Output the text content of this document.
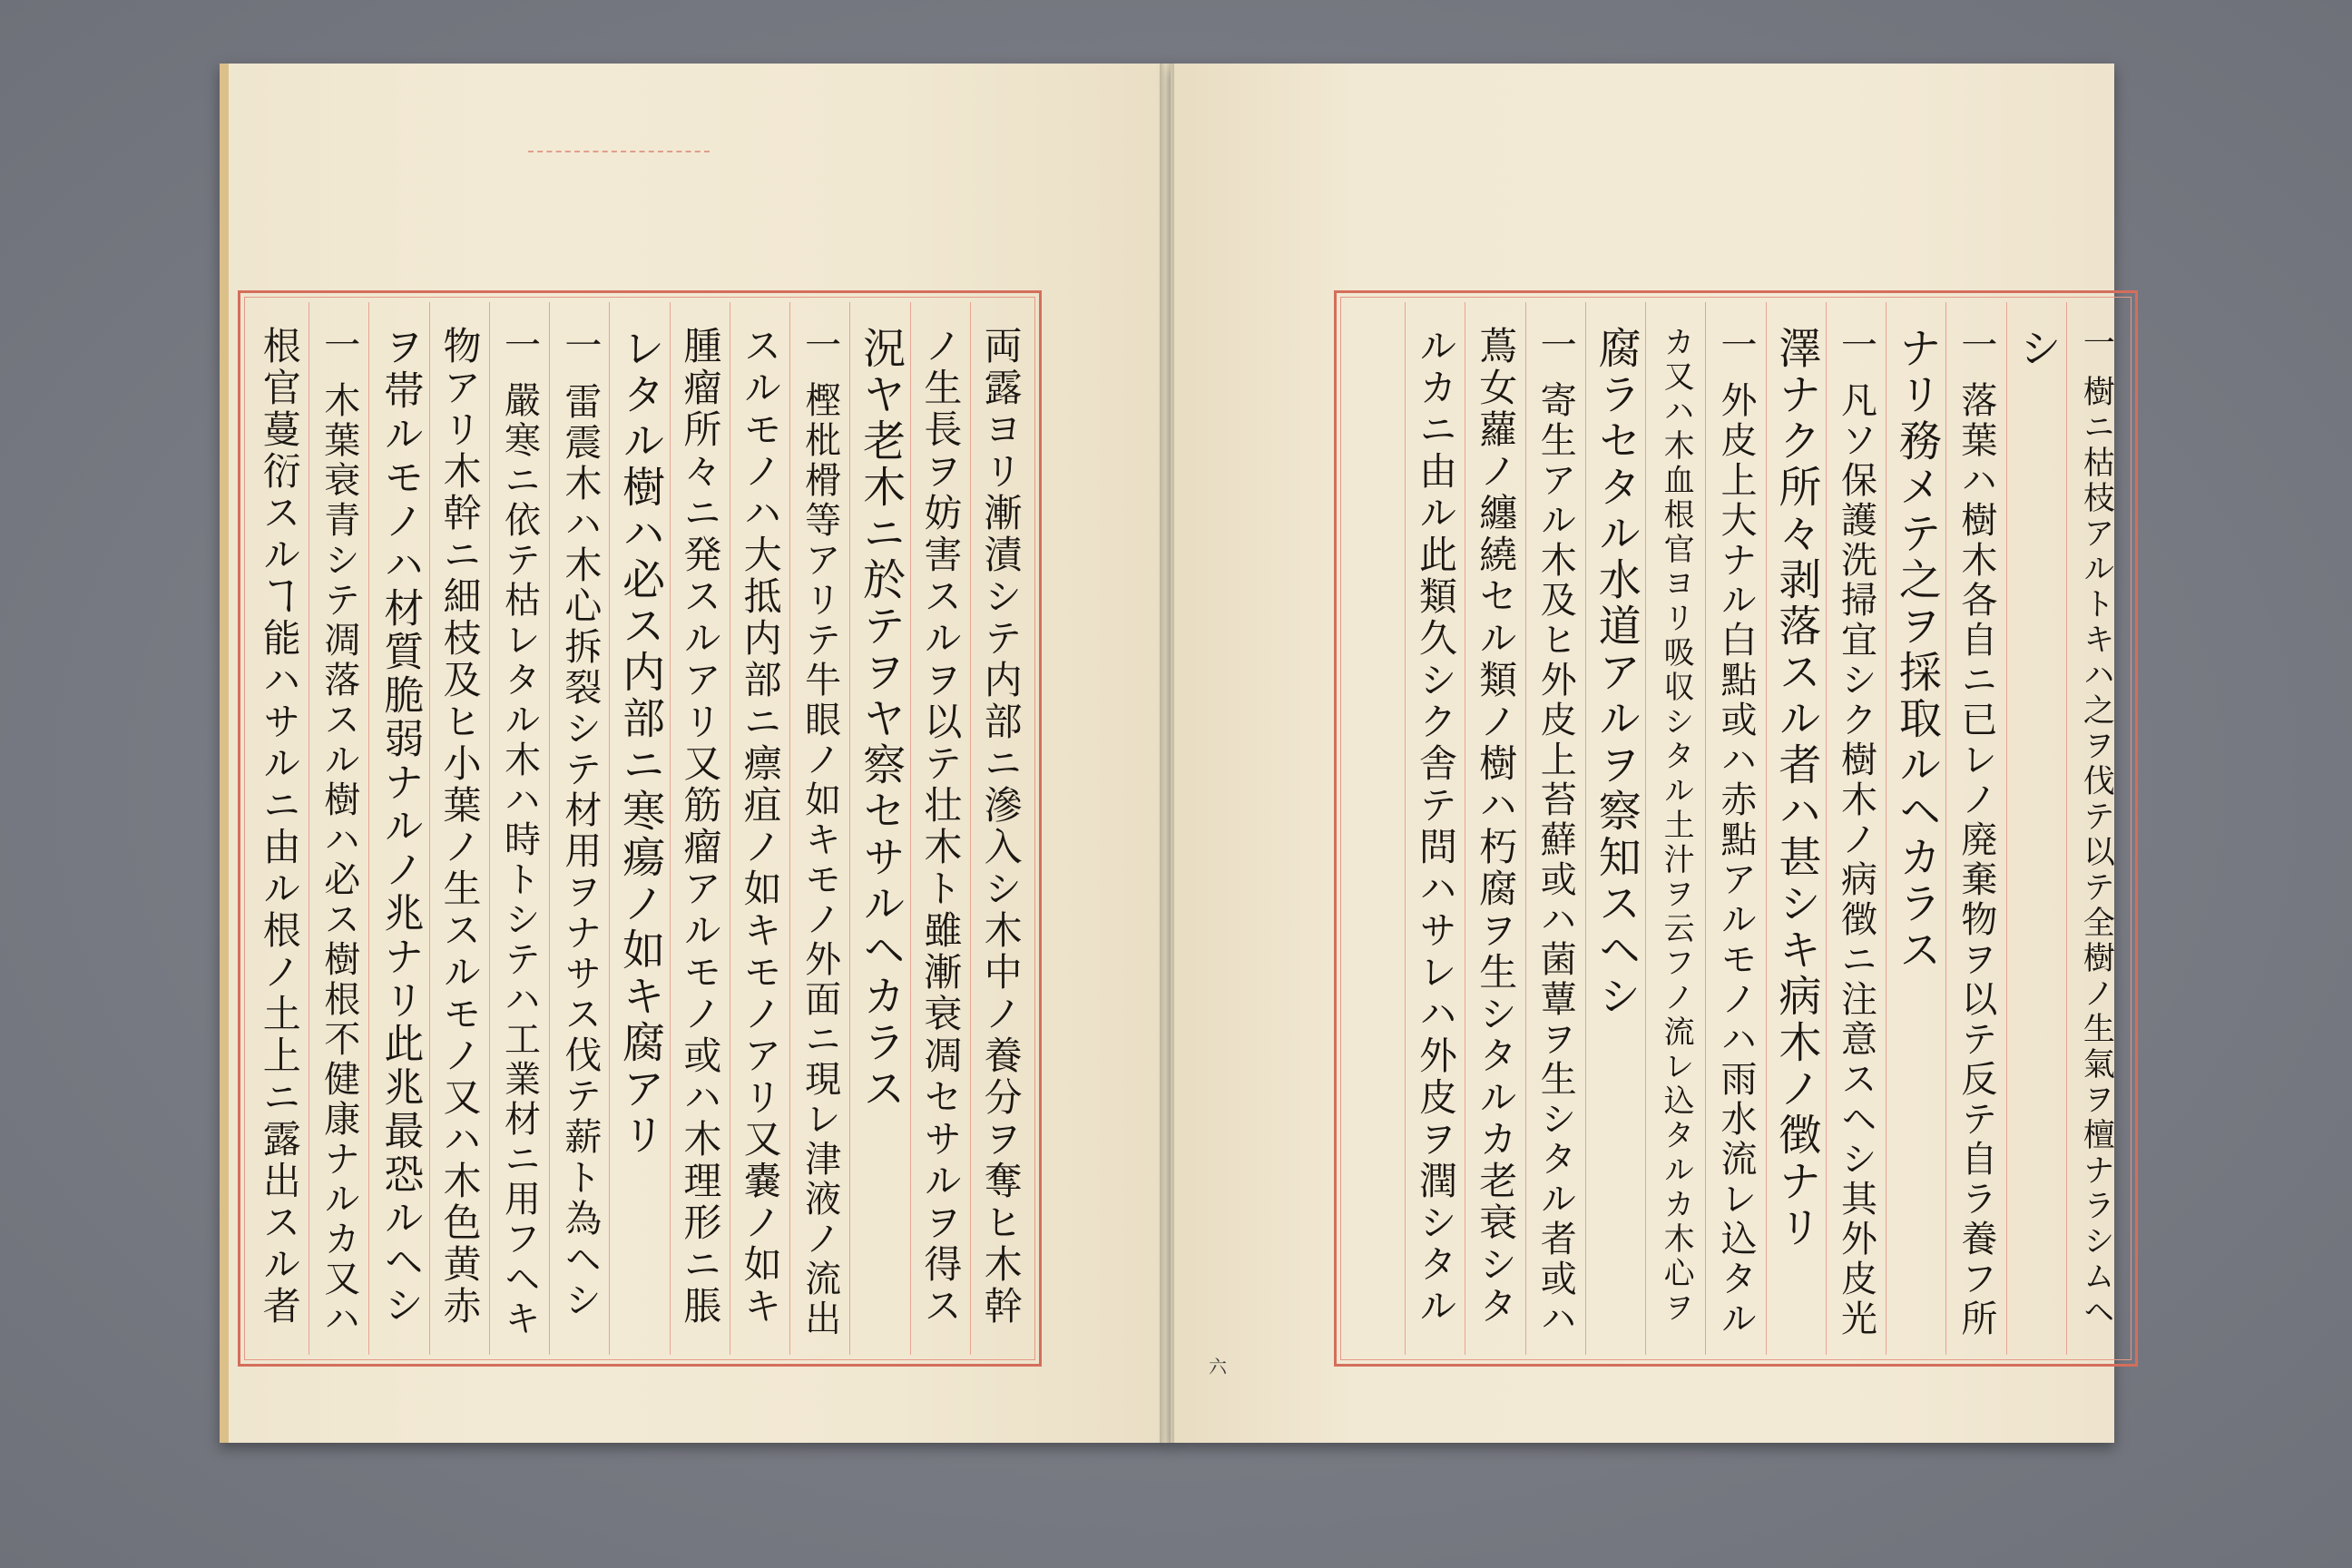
両露ヨリ漸漬シテ内部ニ滲入シ木中ノ養分ヲ奪ヒ木幹
ノ生長ヲ妨害スルヲ以テ壮木ト雖漸衰凋セサルヲ得ス
況ヤ老木ニ於テヲヤ察セサルヘカラス
一 樫枇榾等アリテ牛眼ノ如キモノ外面ニ現レ津液ノ流出
スルモノハ大抵内部ニ瘭疽ノ如キモノアリ又嚢ノ如キ
腫瘤所々ニ発スルアリ又筋瘤アルモノ或ハ木理形ニ脹
レタル樹ハ必ス内部ニ寒瘍ノ如キ腐アリ
一 雷震木ハ木心拆裂シテ材用ヲナサス伐テ薪ト為ヘシ
一 嚴寒ニ依テ枯レタル木ハ時トシテハ工業材ニ用フヘキ
物アリ木幹ニ細枝及ヒ小葉ノ生スルモノ又ハ木色黄赤
ヲ帯ルモノハ材質脆弱ナルノ兆ナリ此兆最恐ルヘシ
一 木葉衰青シテ凋落スル樹ハ必ス樹根不健康ナルカ又ハ
根官蔓衍スルヿ能ハサルニ由ル根ノ土上ニ露出スル者	一 樹ニ枯枝アルトキハ之ヲ伐テ以テ全樹ノ生氣ヲ檀ナラシムヘ
シ
一 落葉ハ樹木各自ニ已レノ廃棄物ヲ以テ反テ自ラ養フ所
ナリ務メテ之ヲ採取ルヘカラス
一 凡ソ保護洗掃宜シク樹木ノ病徴ニ注意スヘシ其外皮光
澤ナク所々剥落スル者ハ甚シキ病木ノ徴ナリ
一 外皮上大ナル白點或ハ赤點アルモノハ雨水流レ込タル
カ又ハ木血根官ヨリ吸収シタル土汁ヲ云フノ流レ込タルカ木心ヲ
腐ラセタル水道アルヲ察知スヘシ
一 寄生アル木及ヒ外皮上苔蘚或ハ菌蕈ヲ生シタル者或ハ
蔦女蘿ノ纏繞セル類ノ樹ハ朽腐ヲ生シタルカ老衰シタ
ルカニ由ル此類久シク舎テ問ハサレハ外皮ヲ潤シタル
六
